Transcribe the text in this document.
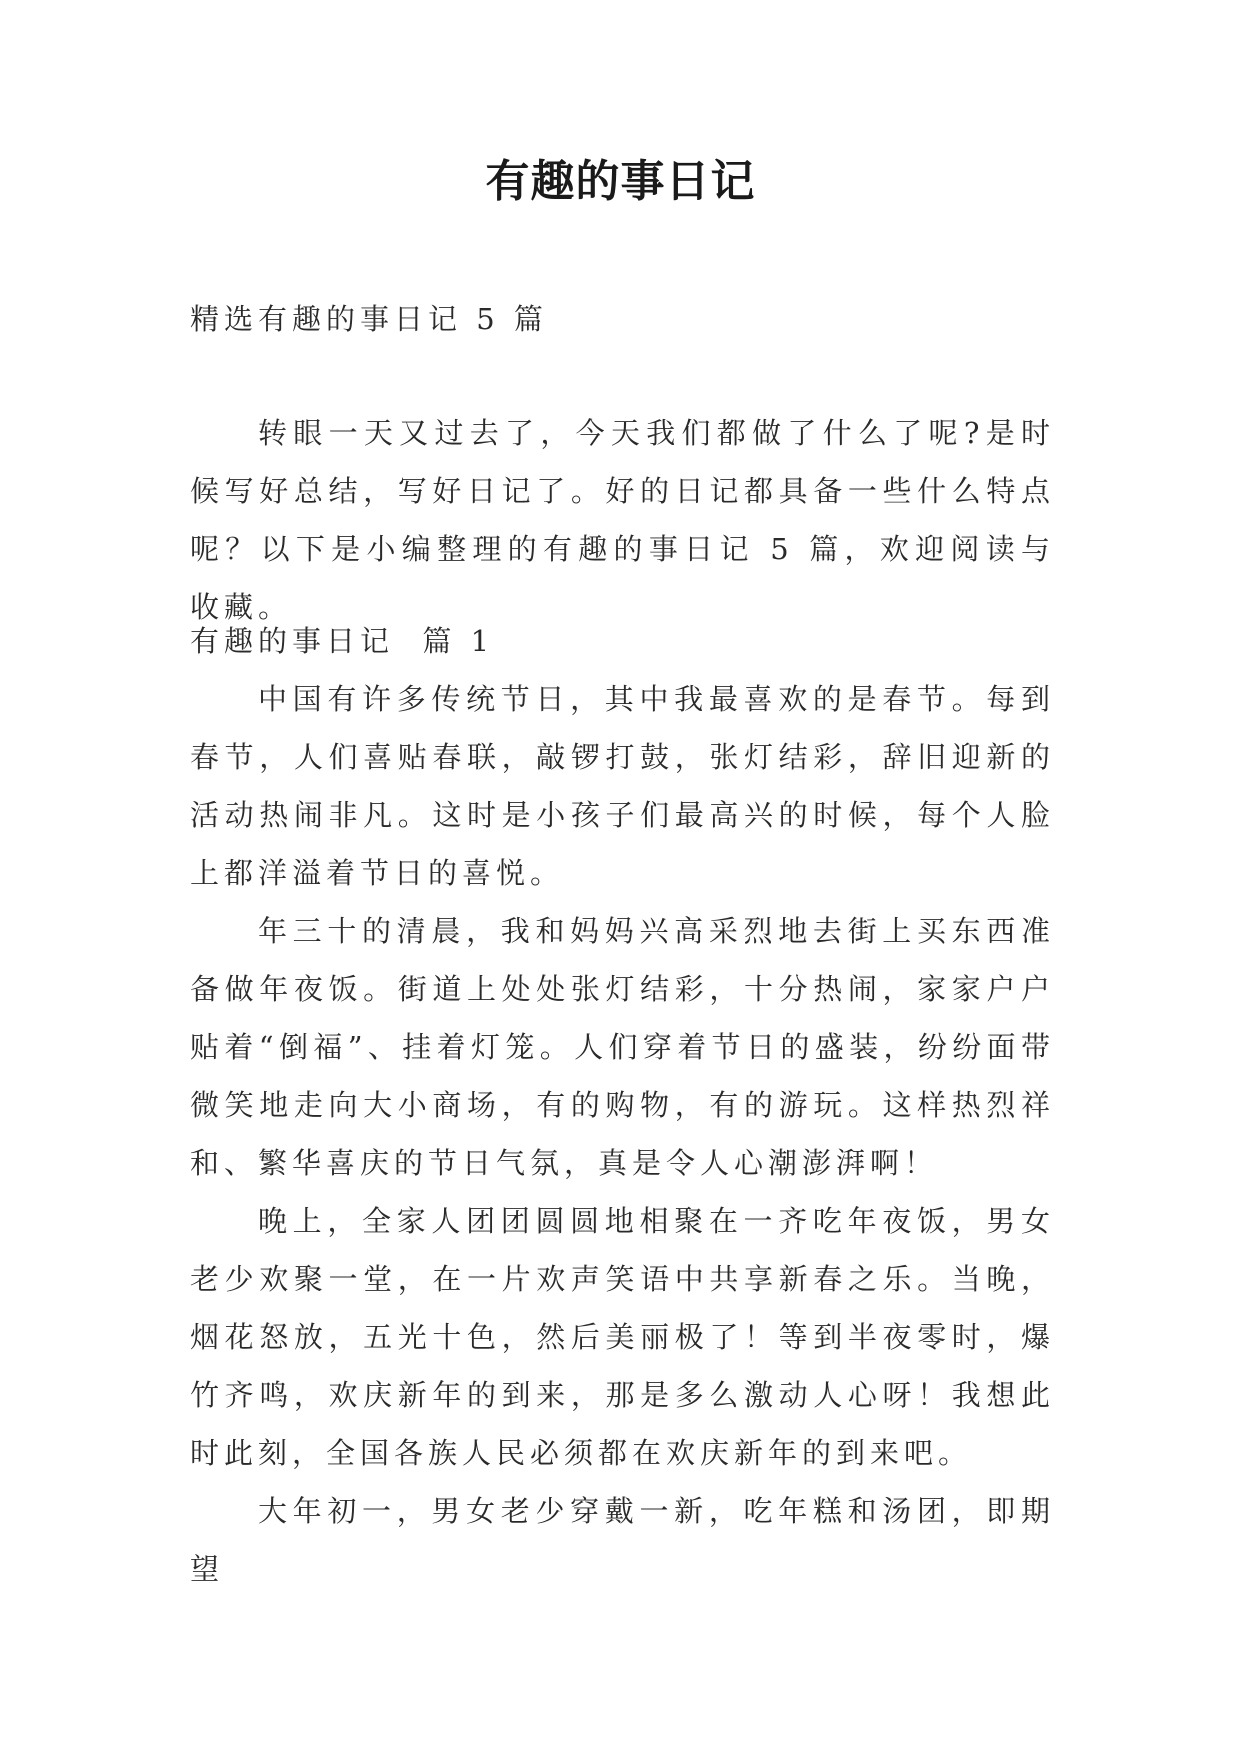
有趣的事日记

精选有趣的事日记 5 篇

转眼一天又过去了，今天我们都做了什么了呢?是时候写好总结，写好日记了。好的日记都具备一些什么特点呢？以下是小编整理的有趣的事日记 5 篇，欢迎阅读与收藏。

有趣的事日记  篇 1

中国有许多传统节日，其中我最喜欢的是春节。每到春节，人们喜贴春联，敲锣打鼓，张灯结彩，辞旧迎新的活动热闹非凡。这时是小孩子们最高兴的时候，每个人脸上都洋溢着节日的喜悦。

年三十的清晨，我和妈妈兴高采烈地去街上买东西准备做年夜饭。街道上处处张灯结彩，十分热闹，家家户户贴着“倒福”、挂着灯笼。人们穿着节日的盛装，纷纷面带微笑地走向大小商场，有的购物，有的游玩。这样热烈祥和、繁华喜庆的节日气氛，真是令人心潮澎湃啊！

晚上，全家人团团圆圆地相聚在一齐吃年夜饭，男女老少欢聚一堂，在一片欢声笑语中共享新春之乐。当晚，烟花怒放，五光十色，然后美丽极了！等到半夜零时，爆竹齐鸣，欢庆新年的到来，那是多么激动人心呀！我想此时此刻，全国各族人民必须都在欢庆新年的到来吧。

大年初一，男女老少穿戴一新，吃年糕和汤团，即期望
